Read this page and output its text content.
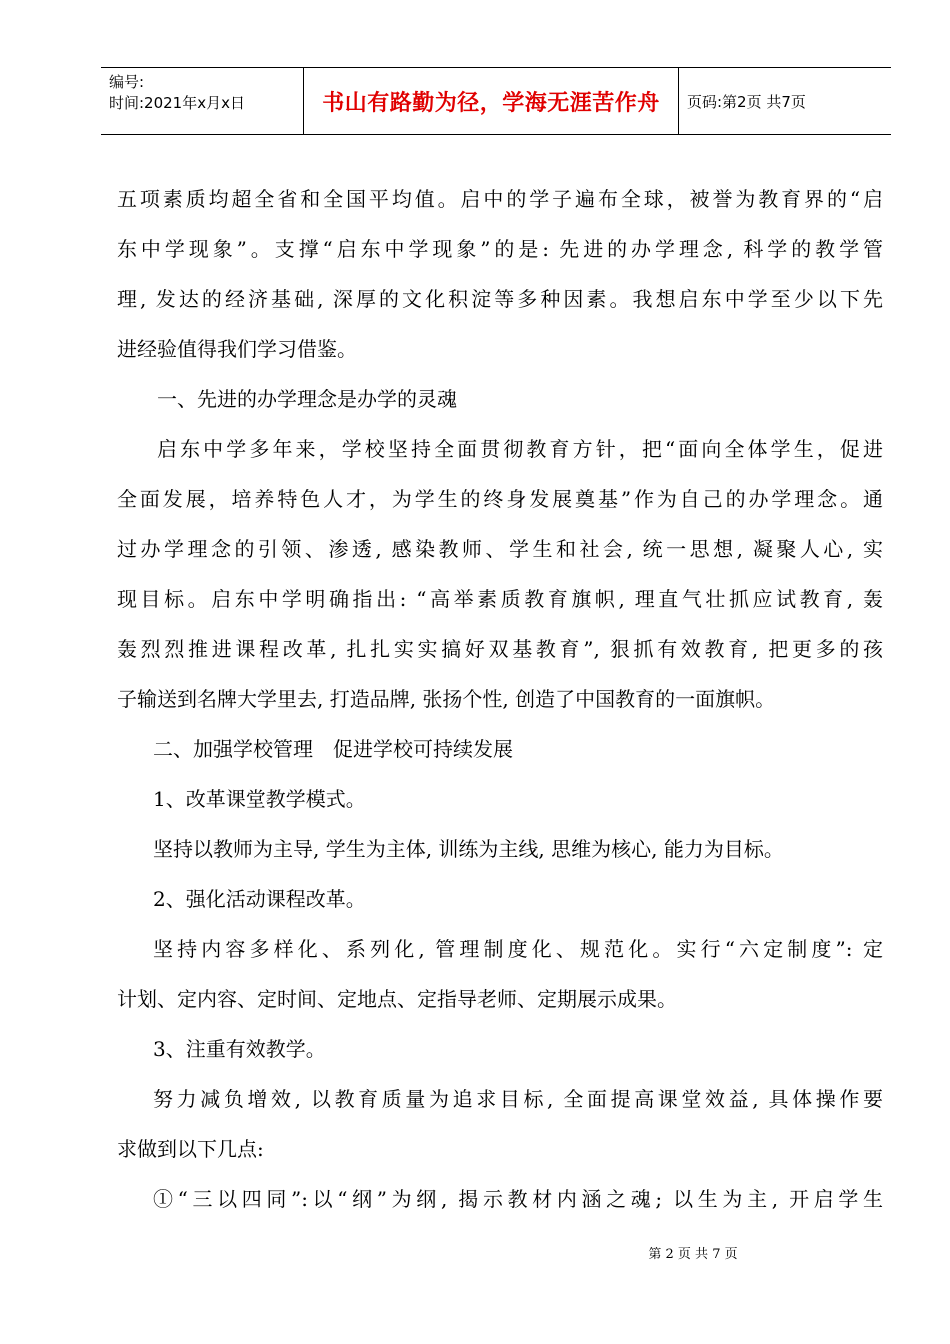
编号:
时间:2021年x月x日	书山有路勤为径，学海无涯苦作舟	页码:第2页 共7页

五项素质均超全省和全国平均值。启中的学子遍布全球，被誉为教育界的“启

东中学现象”。支撑“启东中学现象”的是: 先进的办学理念, 科学的教学管

理, 发达的经济基础, 深厚的文化积淀等多种因素。我想启东中学至少以下先

进经验值得我们学习借鉴。

一、先进的办学理念是办学的灵魂

启东中学多年来，学校坚持全面贯彻教育方针，把“面向全体学生，促进

全面发展，培养特色人才，为学生的终身发展奠基”作为自己的办学理念。通

过办学理念的引领、渗透, 感染教师、学生和社会, 统一思想, 凝聚人心, 实

现目标。启东中学明确指出: “高举素质教育旗帜, 理直气壮抓应试教育, 轰

轰烈烈推进课程改革, 扎扎实实搞好双基教育”, 狠抓有效教育, 把更多的孩

子输送到名牌大学里去, 打造品牌, 张扬个性, 创造了中国教育的一面旗帜。

二、加强学校管理　促进学校可持续发展

1、改革课堂教学模式。

坚持以教师为主导, 学生为主体, 训练为主线, 思维为核心, 能力为目标。

2、强化活动课程改革。

坚持内容多样化、系列化, 管理制度化、规范化。实行“六定制度”: 定

计划、定内容、定时间、定地点、定指导老师、定期展示成果。

3、注重有效教学。

努力减负增效, 以教育质量为追求目标, 全面提高课堂效益, 具体操作要

求做到以下几点:

①“三以四同”:以“纲”为纲, 揭示教材内涵之魂; 以生为主, 开启学生

第 2 页 共 7 页
